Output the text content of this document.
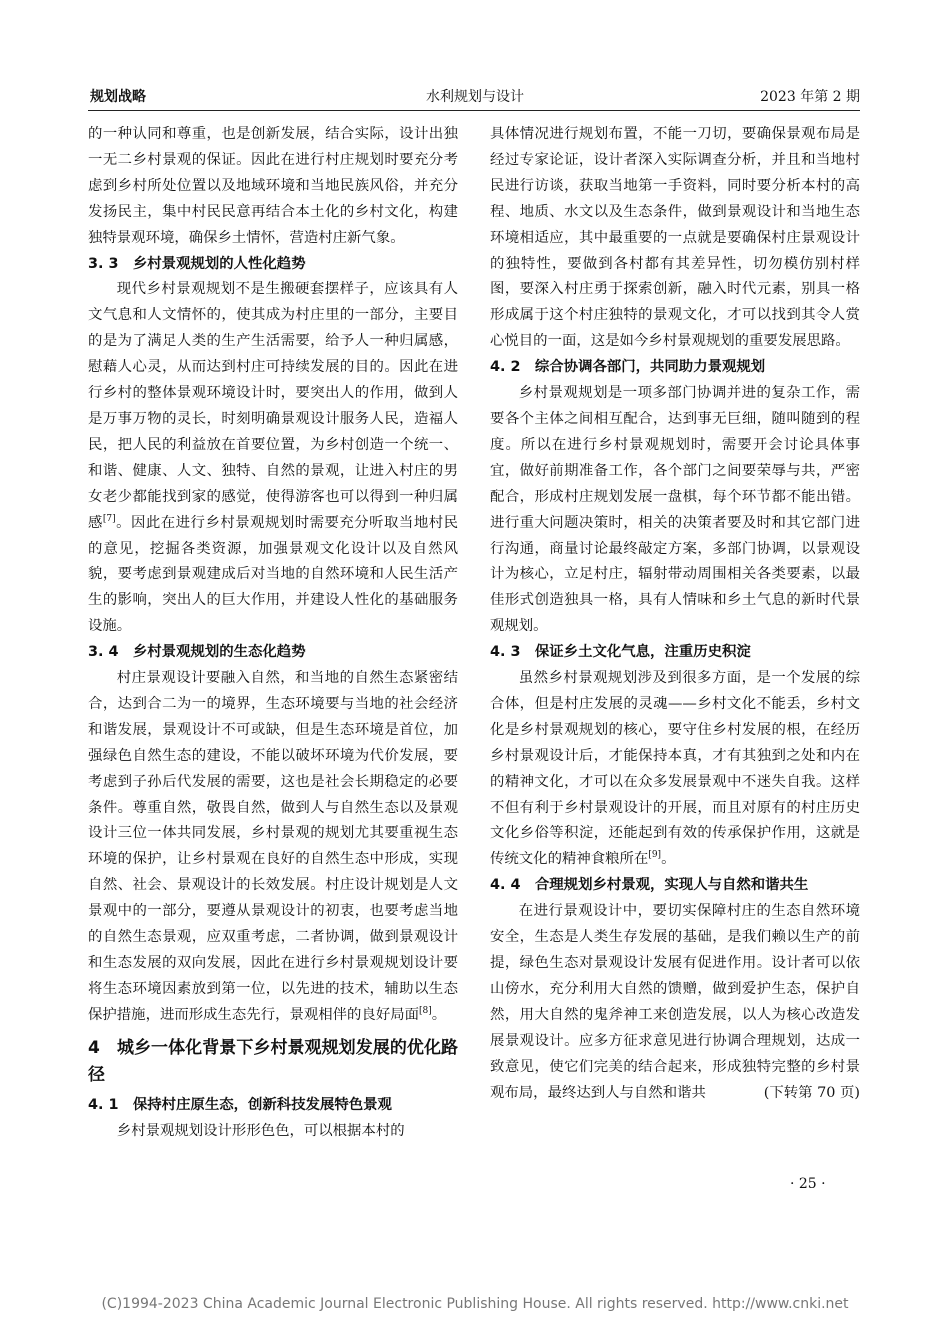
规划战略	水利规划与设计	2023 年第 2 期

的一种认同和尊重，也是创新发展，结合实际，设计出独一无二乡村景观的保证。因此在进行村庄规划时要充分考虑到乡村所处位置以及地域环境和当地民族风俗，并充分发扬民主，集中村民民意再结合本土化的乡村文化，构建独特景观环境，确保乡土情怀，营造村庄新气象。

3. 3　乡村景观规划的人性化趋势

现代乡村景观规划不是生搬硬套摆样子，应该具有人文气息和人文情怀的，使其成为村庄里的一部分，主要目的是为了满足人类的生产生活需要，给予人一种归属感，慰藉人心灵，从而达到村庄可持续发展的目的。因此在进行乡村的整体景观环境设计时，要突出人的作用，做到人是万事万物的灵长，时刻明确景观设计服务人民，造福人民，把人民的利益放在首要位置，为乡村创造一个统一、和谐、健康、人文、独特、自然的景观，让进入村庄的男女老少都能找到家的感觉，使得游客也可以得到一种归属感[7]。因此在进行乡村景观规划时需要充分听取当地村民的意见，挖掘各类资源，加强景观文化设计以及自然风貌，要考虑到景观建成后对当地的自然环境和人民生活产生的影响，突出人的巨大作用，并建设人性化的基础服务设施。

3. 4　乡村景观规划的生态化趋势

村庄景观设计要融入自然，和当地的自然生态紧密结合，达到合二为一的境界，生态环境要与当地的社会经济和谐发展，景观设计不可或缺，但是生态环境是首位，加强绿色自然生态的建设，不能以破坏环境为代价发展，要考虑到子孙后代发展的需要，这也是社会长期稳定的必要条件。尊重自然，敬畏自然，做到人与自然生态以及景观设计三位一体共同发展，乡村景观的规划尤其要重视生态环境的保护，让乡村景观在良好的自然生态中形成，实现自然、社会、景观设计的长效发展。村庄设计规划是人文景观中的一部分，要遵从景观设计的初衷，也要考虑当地的自然生态景观，应双重考虑，二者协调，做到景观设计和生态发展的双向发展，因此在进行乡村景观规划设计要将生态环境因素放到第一位，以先进的技术，辅助以生态保护措施，进而形成生态先行，景观相伴的良好局面[8]。

4　城乡一体化背景下乡村景观规划发展的优化路径
4. 1　保持村庄原生态，创新科技发展特色景观

乡村景观规划设计形形色色，可以根据本村的

具体情况进行规划布置，不能一刀切，要确保景观布局是经过专家论证，设计者深入实际调查分析，并且和当地村民进行访谈，获取当地第一手资料，同时要分析本村的高程、地质、水文以及生态条件，做到景观设计和当地生态环境相适应，其中最重要的一点就是要确保村庄景观设计的独特性，要做到各村都有其差异性，切勿模仿别村样图，要深入村庄勇于探索创新，融入时代元素，别具一格形成属于这个村庄独特的景观文化，才可以找到其令人赏心悦目的一面，这是如今乡村景观规划的重要发展思路。

4. 2　综合协调各部门，共同助力景观规划

乡村景观规划是一项多部门协调并进的复杂工作，需要各个主体之间相互配合，达到事无巨细，随叫随到的程度。所以在进行乡村景观规划时，需要开会讨论具体事宜，做好前期准备工作，各个部门之间要荣辱与共，严密配合，形成村庄规划发展一盘棋，每个环节都不能出错。进行重大问题决策时，相关的决策者要及时和其它部门进行沟通，商量讨论最终敲定方案，多部门协调，以景观设计为核心，立足村庄，辐射带动周围相关各类要素，以最佳形式创造独具一格，具有人情味和乡土气息的新时代景观规划。

4. 3　保证乡土文化气息，注重历史积淀

虽然乡村景观规划涉及到很多方面，是一个发展的综合体，但是村庄发展的灵魂——乡村文化不能丢，乡村文化是乡村景观规划的核心，要守住乡村发展的根，在经历乡村景观设计后，才能保持本真，才有其独到之处和内在的精神文化，才可以在众多发展景观中不迷失自我。这样不但有利于乡村景观设计的开展，而且对原有的村庄历史文化乡俗等积淀，还能起到有效的传承保护作用，这就是传统文化的精神食粮所在[9]。

4. 4　合理规划乡村景观，实现人与自然和谐共生

在进行景观设计中，要切实保障村庄的生态自然环境安全，生态是人类生存发展的基础，是我们赖以生产的前提，绿色生态对景观设计发展有促进作用。设计者可以依山傍水，充分利用大自然的馈赠，做到爱护生态，保护自然，用大自然的鬼斧神工来创造发展，以人为核心改造发展景观设计。应多方征求意见进行协调合理规划，达成一致意见，使它们完美的结合起来，形成独特完整的乡村景观布局，最终达到人与自然和谐共	(下转第 70 页)

· 25 ·
(C)1994-2023 China Academic Journal Electronic Publishing House. All rights reserved. http://www.cnki.net
